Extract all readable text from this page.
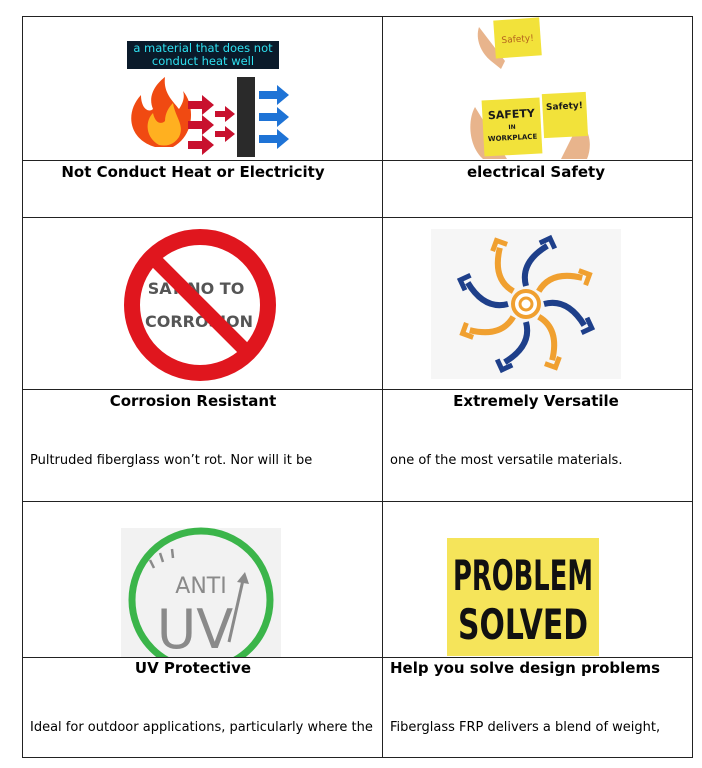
a material that does not
conduct heat well
Safety!
SAFETY
IN
WORKPLACE
Safety!
Not Conduct Heat or Electricity

	electrical Safety

SAY NO TO
CORROSION
Corrosion Resistant

Pultruded fiberglass won’t rot. Nor will it be

Extremely Versatile

one of the most versatile materials.

ANTI
UV
PROBLEM
SOLVED
UV Protective

Ideal for outdoor applications, particularly where the

Help you solve design problems

Fiberglass FRP delivers a blend of weight,
